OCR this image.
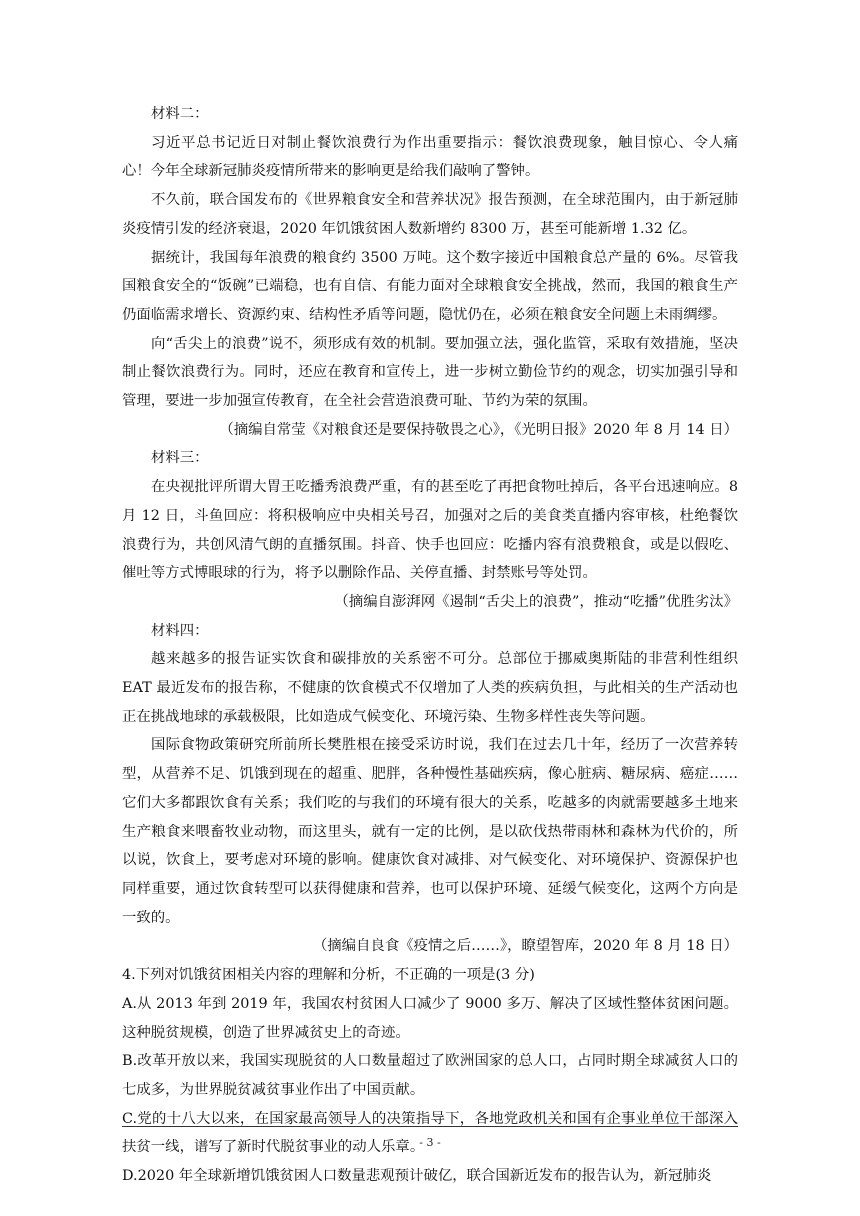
材料二：

习近平总书记近日对制止餐饮浪费行为作出重要指示：餐饮浪费现象，触目惊心、令人痛心！今年全球新冠肺炎疫情所带来的影响更是给我们敲响了警钟。

不久前，联合国发布的《世界粮食安全和营养状况》报告预测，在全球范围内，由于新冠肺炎疫情引发的经济衰退，2020 年饥饿贫困人数新增约 8300 万，甚至可能新增 1.32 亿。

据统计，我国每年浪费的粮食约 3500 万吨。这个数字接近中国粮食总产量的 6%。尽管我国粮食安全的“饭碗”已端稳，也有自信、有能力面对全球粮食安全挑战，然而，我国的粮食生产仍面临需求增长、资源约束、结构性矛盾等问题，隐忧仍在，必须在粮食安全问题上未雨绸缪。

向“舌尖上的浪费”说不，须形成有效的机制。要加强立法，强化监管，采取有效措施，坚决制止餐饮浪费行为。同时，还应在教育和宣传上，进一步树立勤俭节约的观念，切实加强引导和管理，要进一步加强宣传教育，在全社会营造浪费可耻、节约为荣的氛围。

（摘编自常莹《对粮食还是要保持敬畏之心》，《光明日报》2020 年 8 月 14 日）

材料三：

在央视批评所谓大胃王吃播秀浪费严重，有的甚至吃了再把食物吐掉后，各平台迅速响应。8 月 12 日，斗鱼回应：将积极响应中央相关号召，加强对之后的美食类直播内容审核，杜绝餐饮浪费行为，共创风清气朗的直播氛围。抖音、快手也回应：吃播内容有浪费粮食，或是以假吃、催吐等方式博眼球的行为，将予以删除作品、关停直播、封禁账号等处罚。

（摘编自澎湃网《遏制“舌尖上的浪费”，推动“吃播”优胜劣汰》

材料四：

越来越多的报告证实饮食和碳排放的关系密不可分。总部位于挪威奥斯陆的非营利性组织 EAT 最近发布的报告称，不健康的饮食模式不仅增加了人类的疾病负担，与此相关的生产活动也正在挑战地球的承载极限，比如造成气候变化、环境污染、生物多样性丧失等问题。

国际食物政策研究所前所长樊胜根在接受采访时说，我们在过去几十年，经历了一次营养转型，从营养不足、饥饿到现在的超重、肥胖，各种慢性基础疾病，像心脏病、糖尿病、癌症……它们大多都跟饮食有关系；我们吃的与我们的环境有很大的关系，吃越多的肉就需要越多土地来生产粮食来喂畜牧业动物，而这里头，就有一定的比例，是以砍伐热带雨林和森林为代价的，所以说，饮食上，要考虑对环境的影响。健康饮食对减排、对气候变化、对环境保护、资源保护也同样重要，通过饮食转型可以获得健康和营养，也可以保护环境、延缓气候变化，这两个方向是一致的。

（摘编自良食《疫情之后……》，瞭望智库，2020 年 8 月 18 日）

4.下列对饥饿贫困相关内容的理解和分析，不正确的一项是(3 分)

A.从 2013 年到 2019 年，我国农村贫困人口减少了 9000 多万、解决了区域性整体贫困问题。这种脱贫规模，创造了世界减贫史上的奇迹。

B.改革开放以来，我国实现脱贫的人口数量超过了欧洲国家的总人口，占同时期全球减贫人口的七成多，为世界脱贫减贫事业作出了中国贡献。

C.党的十八大以来，在国家最高领导人的决策指导下，各地党政机关和国有企事业单位干部深入扶贫一线，谱写了新时代脱贫事业的动人乐章。

D.2020 年全球新增饥饿贫困人口数量悲观预计破亿，联合国新近发布的报告认为，新冠肺炎

- 3 -
